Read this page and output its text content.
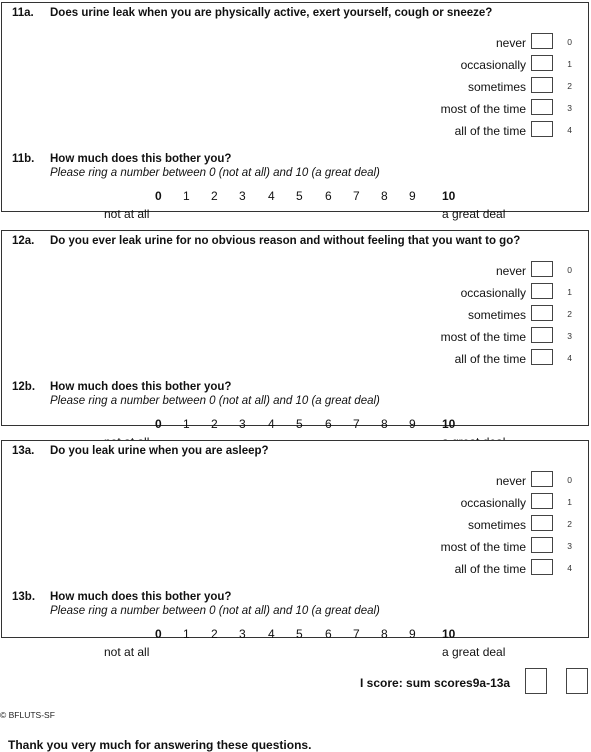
11a. Does urine leak when you are physically active, exert yourself, cough or sneeze?
never	0
occasionally	1
sometimes	2
most of the time	3
all of the time	4
11b. How much does this bother you?
Please ring a number between 0 (not at all) and 10 (a great deal)
0 1 2 3 4 5 6 7 8 9 10
not at all	a great deal
12a. Do you ever leak urine for no obvious reason and without feeling that you want to go?
never	0
occasionally	1
sometimes	2
most of the time	3
all of the time	4
12b. How much does this bother you?
Please ring a number between 0 (not at all) and 10 (a great deal)
0 1 2 3 4 5 6 7 8 9 10
13a. Do you leak urine when you are asleep?
never	0
occasionally	1
sometimes	2
most of the time	3
all of the time	4
13b. How much does this bother you?
Please ring a number between 0 (not at all) and 10 (a great deal)
0 1 2 3 4 5 6 7 8 9 10
not at all	a great deal
I score: sum scores9a-13a
© BFLUTS-SF
Thank you very much for answering these questions.
